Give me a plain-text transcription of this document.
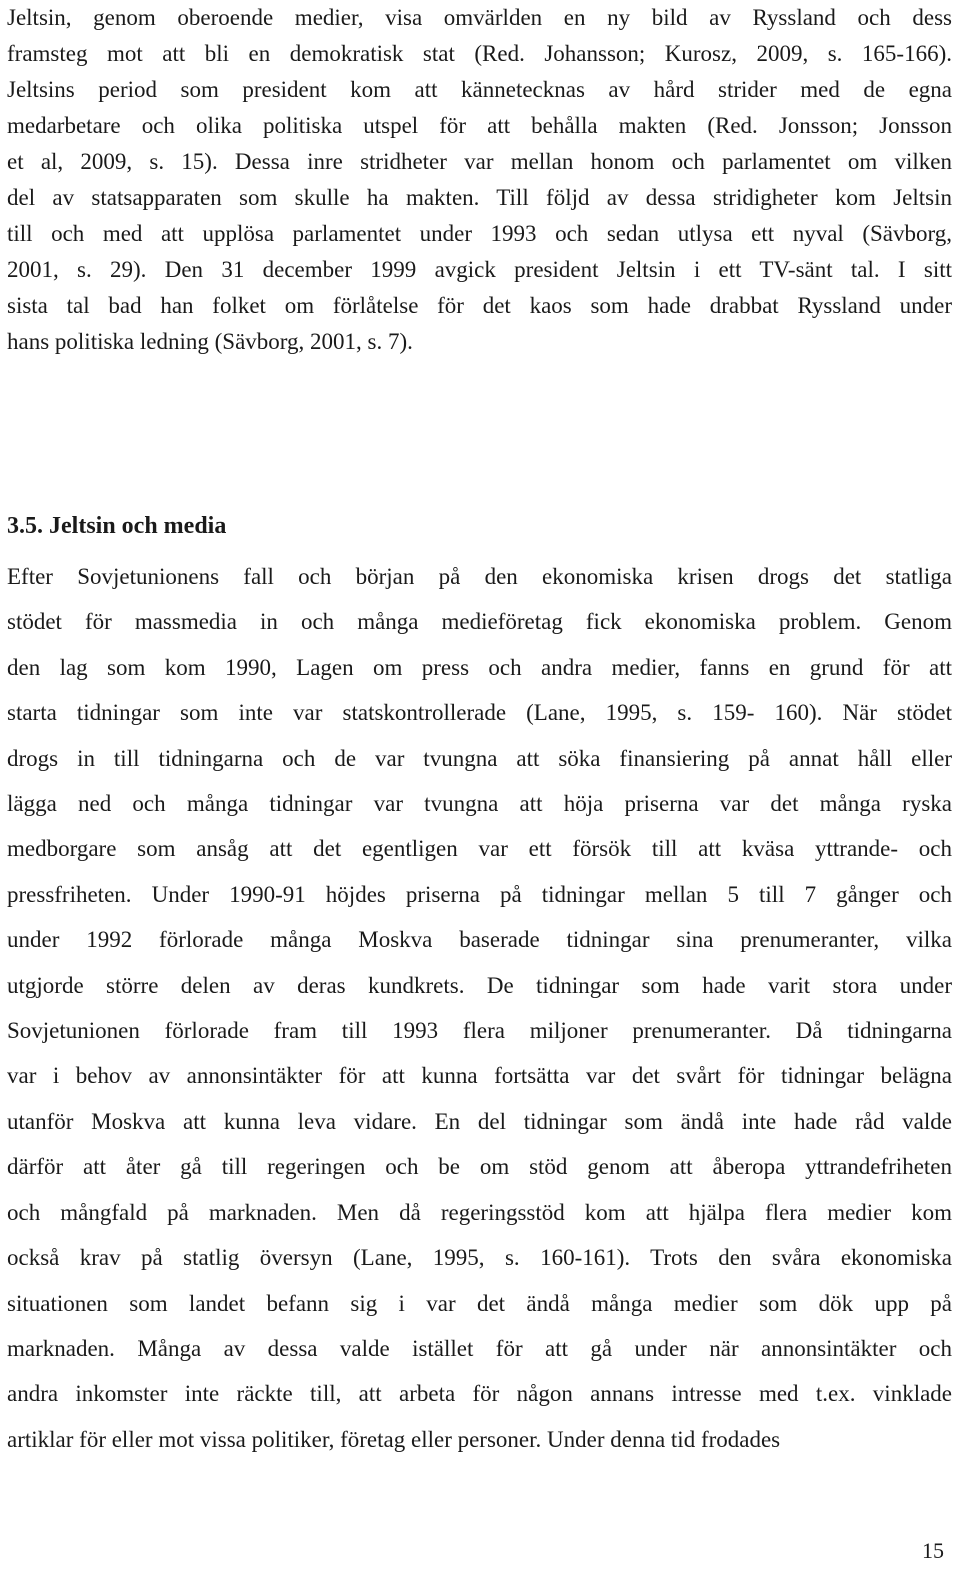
Jeltsin, genom oberoende medier, visa omvärlden en ny bild av Ryssland och dess
framsteg mot att bli en demokratisk stat (Red. Johansson; Kurosz, 2009, s. 165-166).
Jeltsins period som president kom att kännetecknas av hård strider med de egna
medarbetare och olika politiska utspel för att behålla makten (Red. Jonsson; Jonsson
et al, 2009, s. 15). Dessa inre stridheter var mellan honom och parlamentet om vilken
del av statsapparaten som skulle ha makten. Till följd av dessa stridigheter kom Jeltsin
till och med att upplösa parlamentet under 1993 och sedan utlysa ett nyval (Sävborg,
2001, s. 29). Den 31 december 1999 avgick president Jeltsin i ett TV-sänt tal. I sitt
sista tal bad han folket om förlåtelse för det kaos som hade drabbat Ryssland under
hans politiska ledning (Sävborg, 2001, s. 7).

3.5. Jeltsin och media

Efter Sovjetunionens fall och början på den ekonomiska krisen drogs det statliga
stödet för massmedia in och många medieföretag fick ekonomiska problem. Genom
den lag som kom 1990, Lagen om press och andra medier, fanns en grund för att
starta tidningar som inte var statskontrollerade (Lane, 1995, s. 159- 160). När stödet
drogs in till tidningarna och de var tvungna att söka finansiering på annat håll eller
lägga ned och många tidningar var tvungna att höja priserna var det många ryska
medborgare som ansåg att det egentligen var ett försök till att kväsa yttrande- och
pressfriheten. Under 1990-91 höjdes priserna på tidningar mellan 5 till 7 gånger och
under 1992 förlorade många Moskva baserade tidningar sina prenumeranter, vilka
utgjorde större delen av deras kundkrets. De tidningar som hade varit stora under
Sovjetunionen förlorade fram till 1993 flera miljoner prenumeranter. Då tidningarna
var i behov av annonsintäkter för att kunna fortsätta var det svårt för tidningar belägna
utanför Moskva att kunna leva vidare. En del tidningar som ändå inte hade råd valde
därför att åter gå till regeringen och be om stöd genom att åberopa yttrandefriheten
och mångfald på marknaden. Men då regeringsstöd kom att hjälpa flera medier kom
också krav på statlig översyn (Lane, 1995, s. 160-161). Trots den svåra ekonomiska
situationen som landet befann sig i var det ändå många medier som dök upp på
marknaden. Många av dessa valde istället för att gå under när annonsintäkter och
andra inkomster inte räckte till, att arbeta för någon annans intresse med t.ex. vinklade
artiklar för eller mot vissa politiker, företag eller personer. Under denna tid frodades

15
